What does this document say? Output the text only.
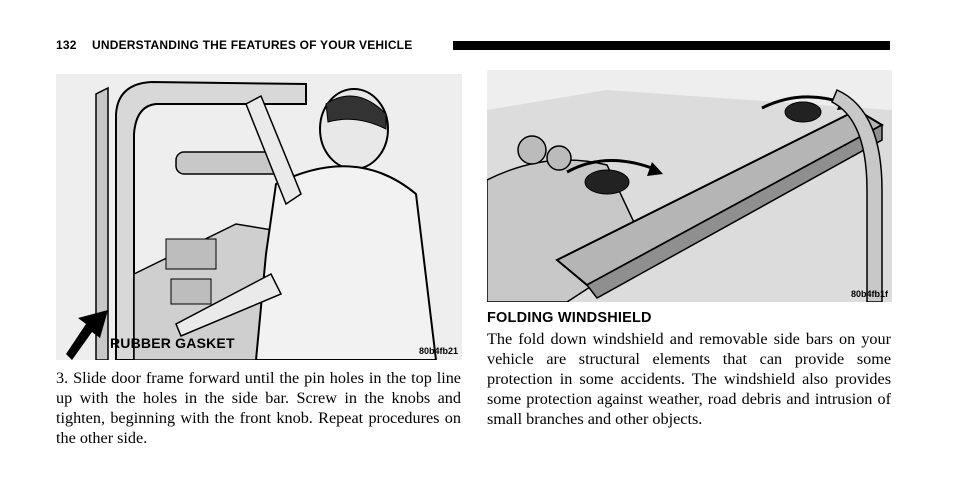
132 UNDERSTANDING THE FEATURES OF YOUR VEHICLE
RUBBER GASKET	80b4fb21

3. Slide door frame forward until the pin holes in the top line up with the holes in the side bar. Screw in the knobs and tighten, beginning with the front knob. Repeat procedures on the other side.

80b4fb1f
FOLDING WINDSHIELD

The fold down windshield and removable side bars on your vehicle are structural elements that can provide some protection in some accidents. The windshield also provides some protection against weather, road debris and intrusion of small branches and other objects.
